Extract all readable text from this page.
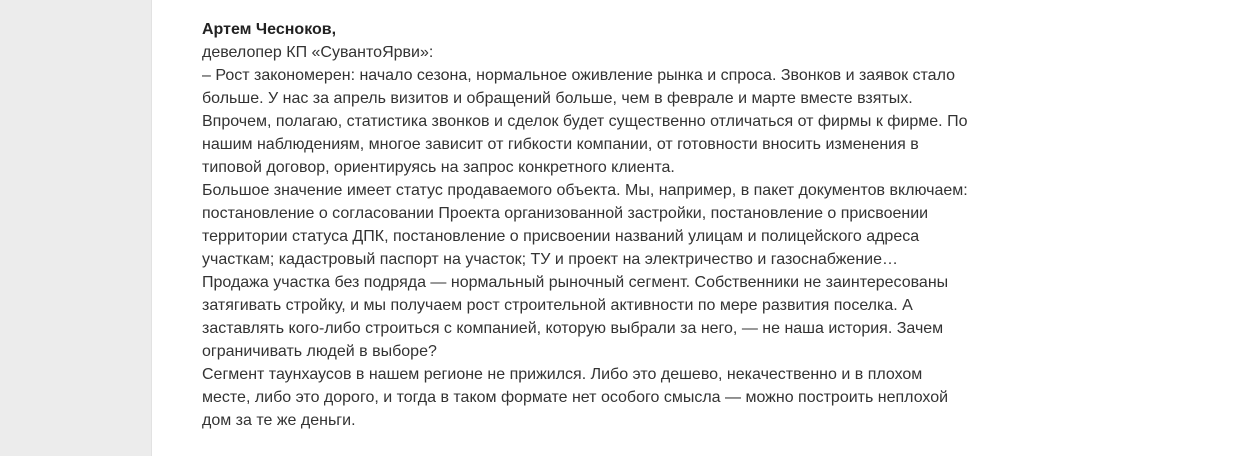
Артем Чесноков,
девелопер КП «СувантоЯрви»:
– Рост закономерен: начало сезона, нормальное оживление рынка и спроса. Звонков и заявок стало
больше. У нас за апрель визитов и обращений больше, чем в феврале и марте вместе взятых.
Впрочем, полагаю, статистика звонков и сделок будет существенно отличаться от фирмы к фирме. По
нашим наблюдениям, многое зависит от гибкости компании, от готовности вносить изменения в
типовой договор, ориентируясь на запрос конкретного клиента.
Большое значение имеет статус продаваемого объекта. Мы, например, в пакет документов включаем:
постановление о согласовании Проекта организованной застройки, постановление о присвоении
территории статуса ДПК, постановление о присвоении названий улицам и полицейского адреса
участкам; кадастровый паспорт на участок; ТУ и проект на электричество и газоснабжение…
Продажа участка без подряда — нормальный рыночный сегмент. Собственники не заинтересованы
затягивать стройку, и мы получаем рост строительной активности по мере развития поселка. А
заставлять кого-либо строиться с компанией, которую выбрали за него, — не наша история. Зачем
ограничивать людей в выборе?
Сегмент таунхаусов в нашем регионе не прижился. Либо это дешево, некачественно и в плохом
месте, либо это дорого, и тогда в таком формате нет особого смысла — можно построить неплохой
дом за те же деньги.
